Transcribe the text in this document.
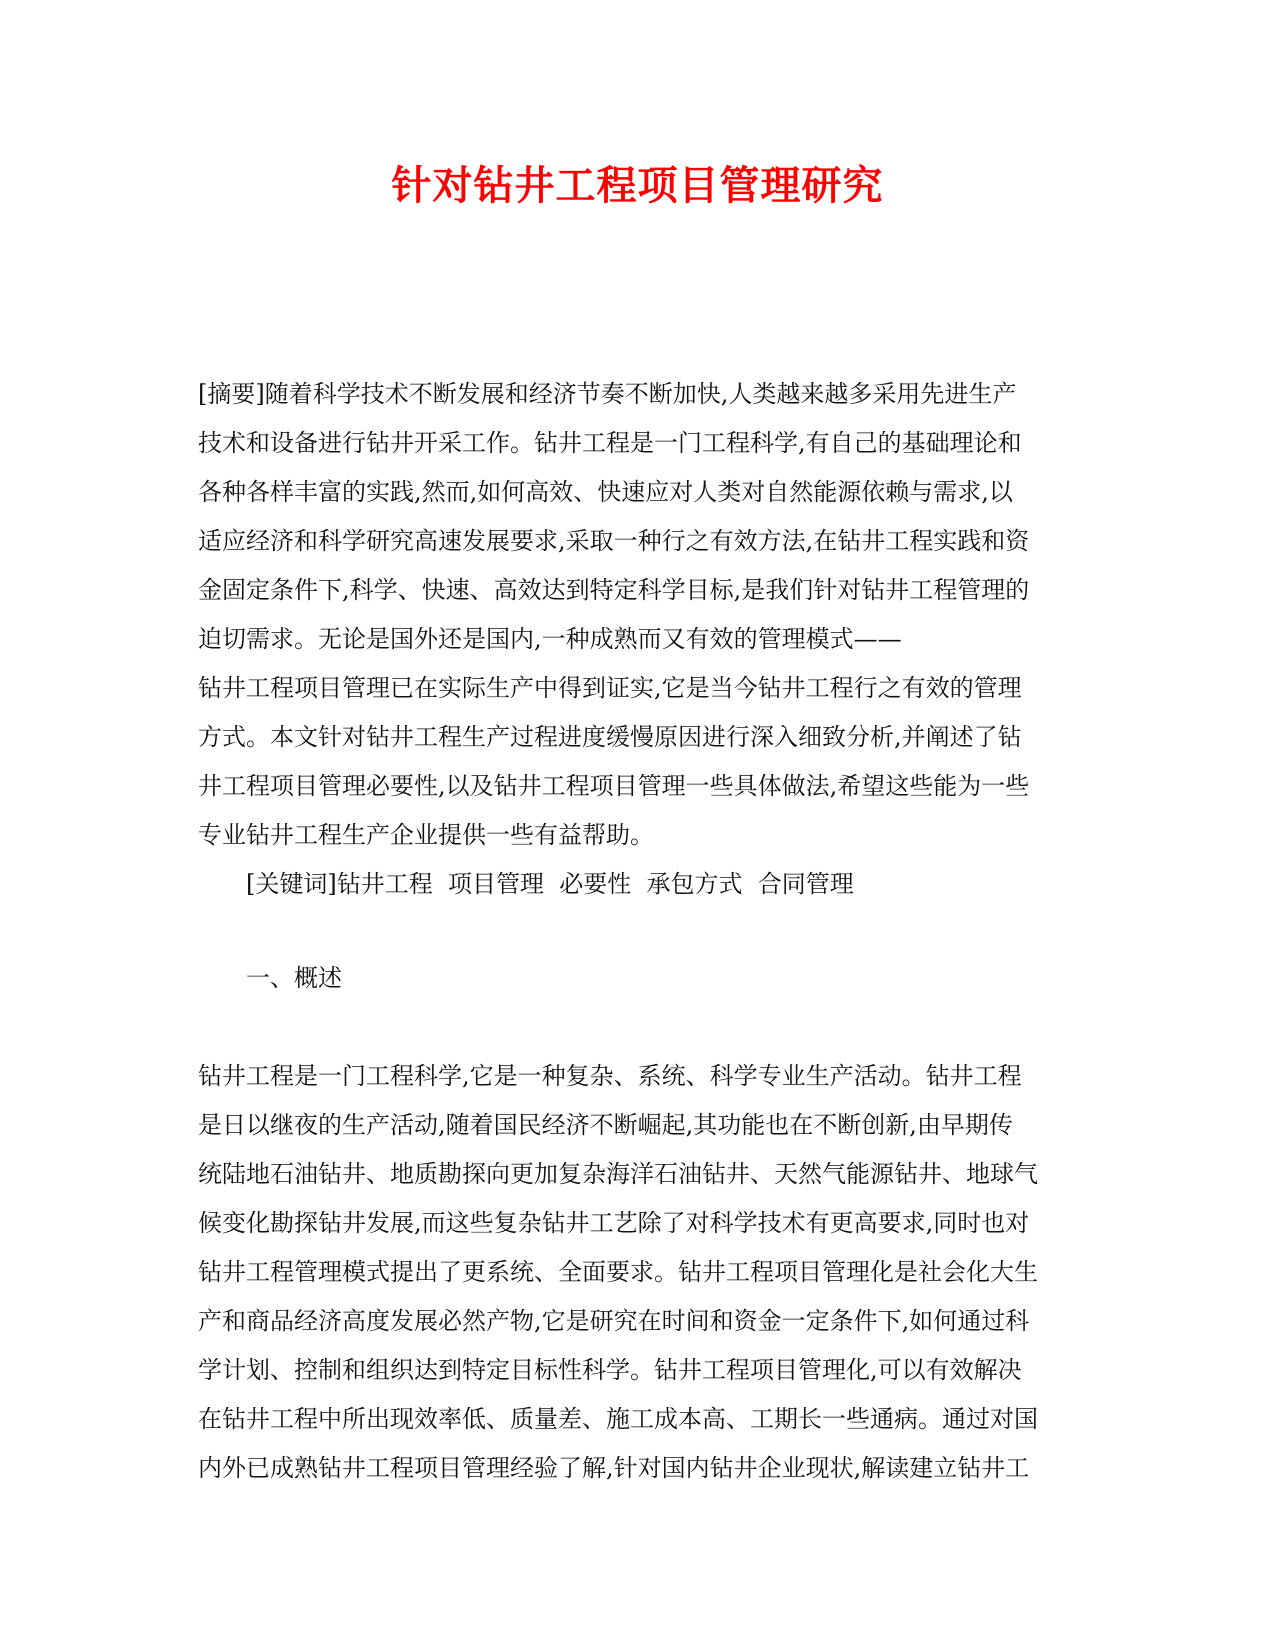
针对钻井工程项目管理研究
[摘要]随着科学技术不断发展和经济节奏不断加快,人类越来越多采用先进生产
技术和设备进行钻井开采工作。钻井工程是一门工程科学,有自己的基础理论和
各种各样丰富的实践,然而,如何高效、快速应对人类对自然能源依赖与需求,以
适应经济和科学研究高速发展要求,采取一种行之有效方法,在钻井工程实践和资
金固定条件下,科学、快速、高效达到特定科学目标,是我们针对钻井工程管理的
迫切需求。无论是国外还是国内,一种成熟而又有效的管理模式——
钻井工程项目管理已在实际生产中得到证实,它是当今钻井工程行之有效的管理
方式。本文针对钻井工程生产过程进度缓慢原因进行深入细致分析,并阐述了钻
井工程项目管理必要性,以及钻井工程项目管理一些具体做法,希望这些能为一些
专业钻井工程生产企业提供一些有益帮助。
[关键词]钻井工程  项目管理  必要性  承包方式  合同管理
一、概述
钻井工程是一门工程科学,它是一种复杂、系统、科学专业生产活动。钻井工程
是日以继夜的生产活动,随着国民经济不断崛起,其功能也在不断创新,由早期传
统陆地石油钻井、地质勘探向更加复杂海洋石油钻井、天然气能源钻井、地球气
候变化勘探钻井发展,而这些复杂钻井工艺除了对科学技术有更高要求,同时也对
钻井工程管理模式提出了更系统、全面要求。钻井工程项目管理化是社会化大生
产和商品经济高度发展必然产物,它是研究在时间和资金一定条件下,如何通过科
学计划、控制和组织达到特定目标性科学。钻井工程项目管理化,可以有效解决
在钻井工程中所出现效率低、质量差、施工成本高、工期长一些通病。通过对国
内外已成熟钻井工程项目管理经验了解,针对国内钻井企业现状,解读建立钻井工
